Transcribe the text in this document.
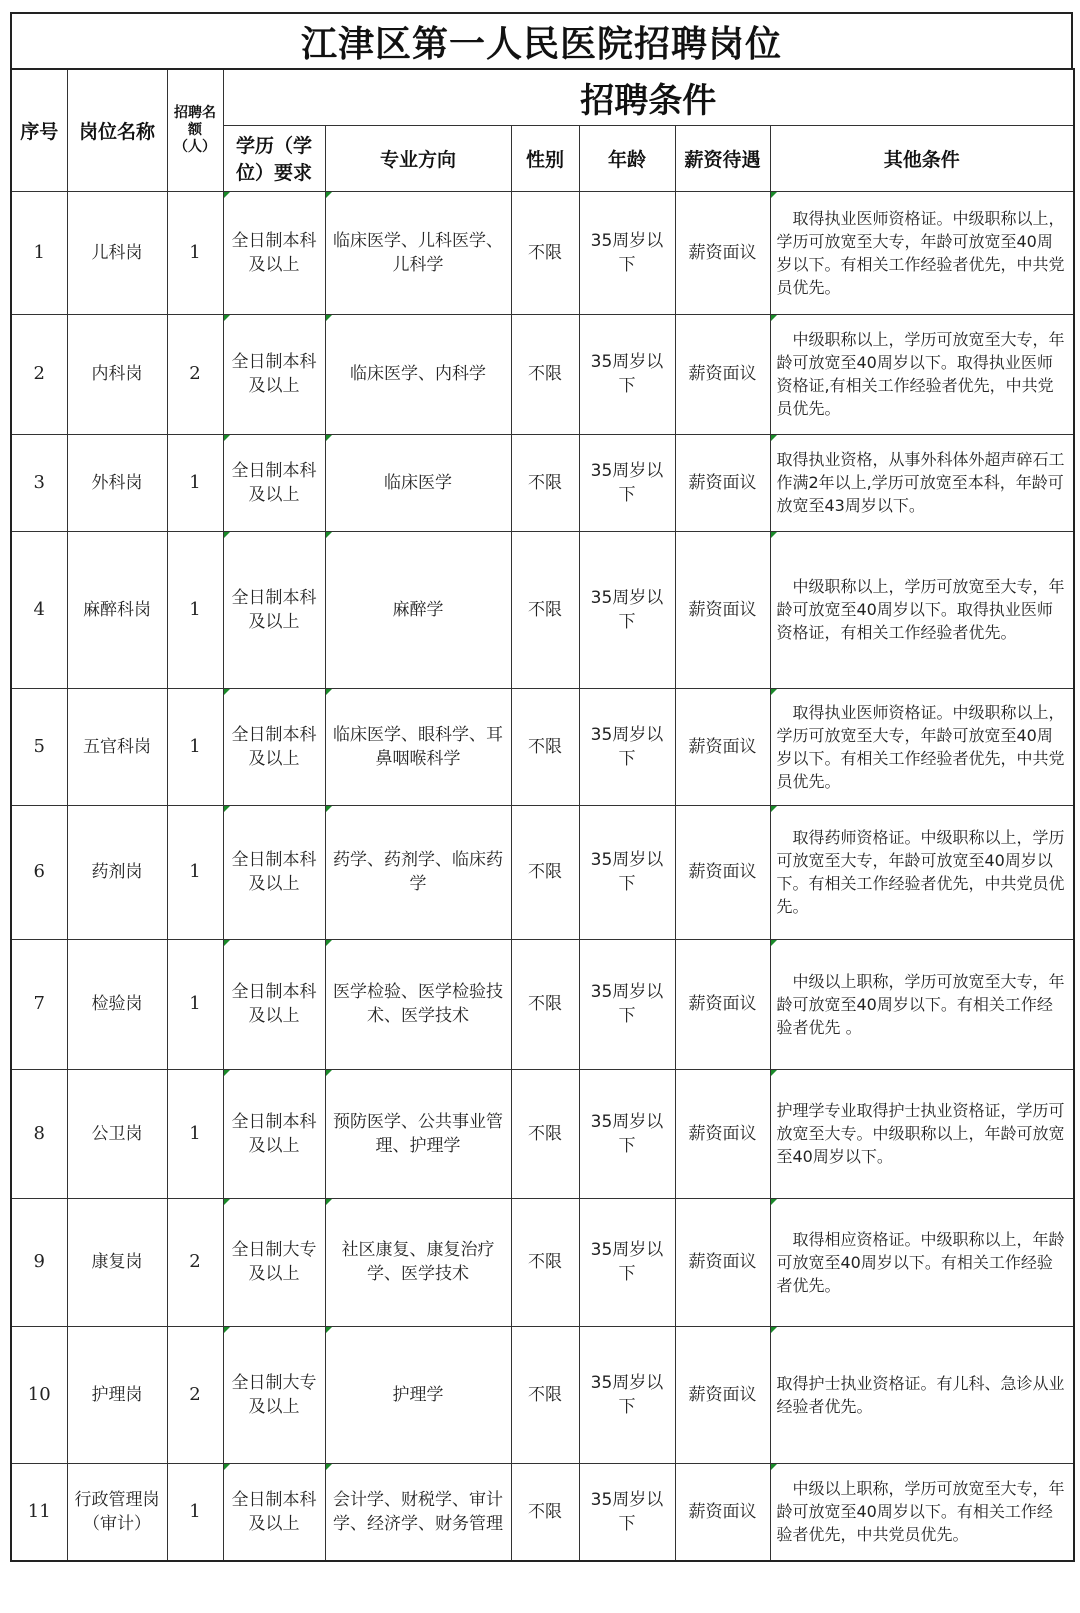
江津区第一人民医院招聘岗位
序号	岗位名称	招聘名额（人）	招聘条件					
			学历（学位）要求	专业方向	性别	年龄	薪资待遇	其他条件
1	儿科岗	1	全日制本科及以上	临床医学、儿科医学、儿科学	不限	35周岁以下	薪资面议	　取得执业医师资格证。中级职称以上，学历可放宽至大专，年龄可放宽至40周岁以下。有相关工作经验者优先，中共党员优先。
2	内科岗	2	全日制本科及以上	临床医学、内科学	不限	35周岁以下	薪资面议	　中级职称以上，学历可放宽至大专，年龄可放宽至40周岁以下。取得执业医师资格证,有相关工作经验者优先，中共党员优先。
3	外科岗	1	全日制本科及以上	临床医学	不限	35周岁以下	薪资面议	取得执业资格，从事外科体外超声碎石工作满2年以上,学历可放宽至本科，年龄可放宽至43周岁以下。
4	麻醉科岗	1	全日制本科及以上	麻醉学	不限	35周岁以下	薪资面议	　中级职称以上，学历可放宽至大专，年龄可放宽至40周岁以下。取得执业医师资格证，有相关工作经验者优先。
5	五官科岗	1	全日制本科及以上	临床医学、眼科学、耳鼻咽喉科学	不限	35周岁以下	薪资面议	　取得执业医师资格证。中级职称以上，学历可放宽至大专，年龄可放宽至40周岁以下。有相关工作经验者优先，中共党员优先。
6	药剂岗	1	全日制本科及以上	药学、药剂学、临床药学	不限	35周岁以下	薪资面议	　取得药师资格证。中级职称以上，学历可放宽至大专，年龄可放宽至40周岁以下。有相关工作经验者优先，中共党员优先。
7	检验岗	1	全日制本科及以上	医学检验、医学检验技术、医学技术	不限	35周岁以下	薪资面议	　中级以上职称，学历可放宽至大专，年龄可放宽至40周岁以下。有相关工作经验者优先 。
8	公卫岗	1	全日制本科及以上	预防医学、公共事业管理、护理学	不限	35周岁以下	薪资面议	护理学专业取得护士执业资格证，学历可放宽至大专。中级职称以上，年龄可放宽至40周岁以下。
9	康复岗	2	全日制大专及以上	社区康复、康复治疗学、医学技术	不限	35周岁以下	薪资面议	　取得相应资格证。中级职称以上，年龄可放宽至40周岁以下。有相关工作经验者优先。
10	护理岗	2	全日制大专及以上	护理学	不限	35周岁以下	薪资面议	取得护士执业资格证。有儿科、急诊从业经验者优先。
11	行政管理岗（审计）	1	全日制本科及以上	会计学、财税学、审计学、经济学、财务管理	不限	35周岁以下	薪资面议	　中级以上职称，学历可放宽至大专，年龄可放宽至40周岁以下。有相关工作经验者优先，中共党员优先。
